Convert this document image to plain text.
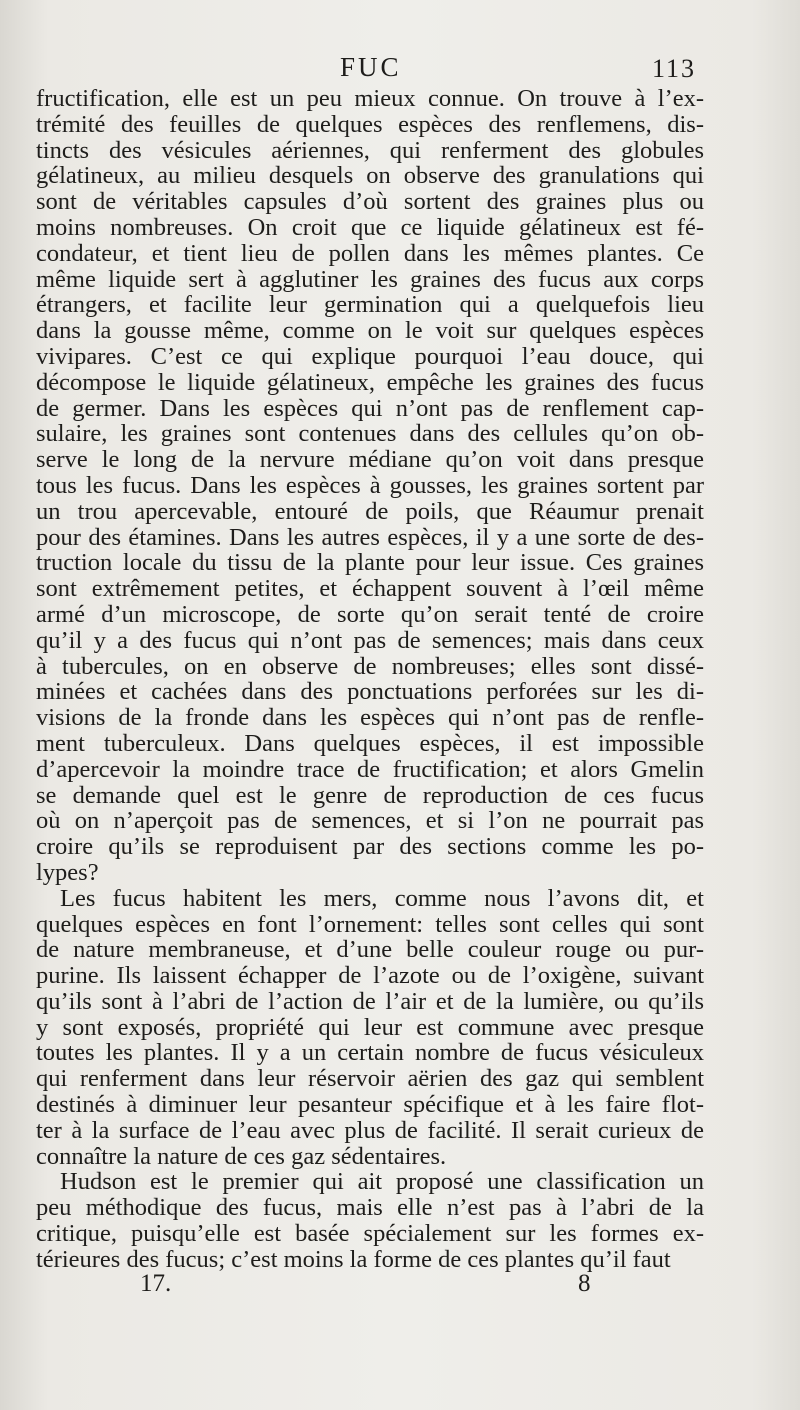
FUC	113
fructification, elle est un peu mieux connue. On trouve à l’ex-
trémité des feuilles de quelques espèces des renflemens, dis-
tincts des vésicules aériennes, qui renferment des globules
gélatineux, au milieu desquels on observe des granulations qui
sont de véritables capsules d’où sortent des graines plus ou
moins nombreuses. On croit que ce liquide gélatineux est fé-
condateur, et tient lieu de pollen dans les mêmes plantes. Ce
même liquide sert à agglutiner les graines des fucus aux corps
étrangers, et facilite leur germination qui a quelquefois lieu
dans la gousse même, comme on le voit sur quelques espèces
vivipares. C’est ce qui explique pourquoi l’eau douce, qui
décompose le liquide gélatineux, empêche les graines des fucus
de germer. Dans les espèces qui n’ont pas de renflement cap-
sulaire, les graines sont contenues dans des cellules qu’on ob-
serve le long de la nervure médiane qu’on voit dans presque
tous les fucus. Dans les espèces à gousses, les graines sortent par
un trou apercevable, entouré de poils, que Réaumur prenait
pour des étamines. Dans les autres espèces, il y a une sorte de des-
truction locale du tissu de la plante pour leur issue. Ces graines
sont extrêmement petites, et échappent souvent à l’œil même
armé d’un microscope, de sorte qu’on serait tenté de croire
qu’il y a des fucus qui n’ont pas de semences; mais dans ceux
à tubercules, on en observe de nombreuses; elles sont dissé-
minées et cachées dans des ponctuations perforées sur les di-
visions de la fronde dans les espèces qui n’ont pas de renfle-
ment tuberculeux. Dans quelques espèces, il est impossible
d’apercevoir la moindre trace de fructification; et alors Gmelin
se demande quel est le genre de reproduction de ces fucus
où on n’aperçoit pas de semences, et si l’on ne pourrait pas
croire qu’ils se reproduisent par des sections comme les po-
lypes?
Les fucus habitent les mers, comme nous l’avons dit, et
quelques espèces en font l’ornement: telles sont celles qui sont
de nature membraneuse, et d’une belle couleur rouge ou pur-
purine. Ils laissent échapper de l’azote ou de l’oxigène, suivant
qu’ils sont à l’abri de l’action de l’air et de la lumière, ou qu’ils
y sont exposés, propriété qui leur est commune avec presque
toutes les plantes. Il y a un certain nombre de fucus vésiculeux
qui renferment dans leur réservoir aërien des gaz qui semblent
destinés à diminuer leur pesanteur spécifique et à les faire flot-
ter à la surface de l’eau avec plus de facilité. Il serait curieux de
connaître la nature de ces gaz sédentaires.
Hudson est le premier qui ait proposé une classification un
peu méthodique des fucus, mais elle n’est pas à l’abri de la
critique, puisqu’elle est basée spécialement sur les formes ex-
térieures des fucus; c’est moins la forme de ces plantes qu’il faut
17.	8
